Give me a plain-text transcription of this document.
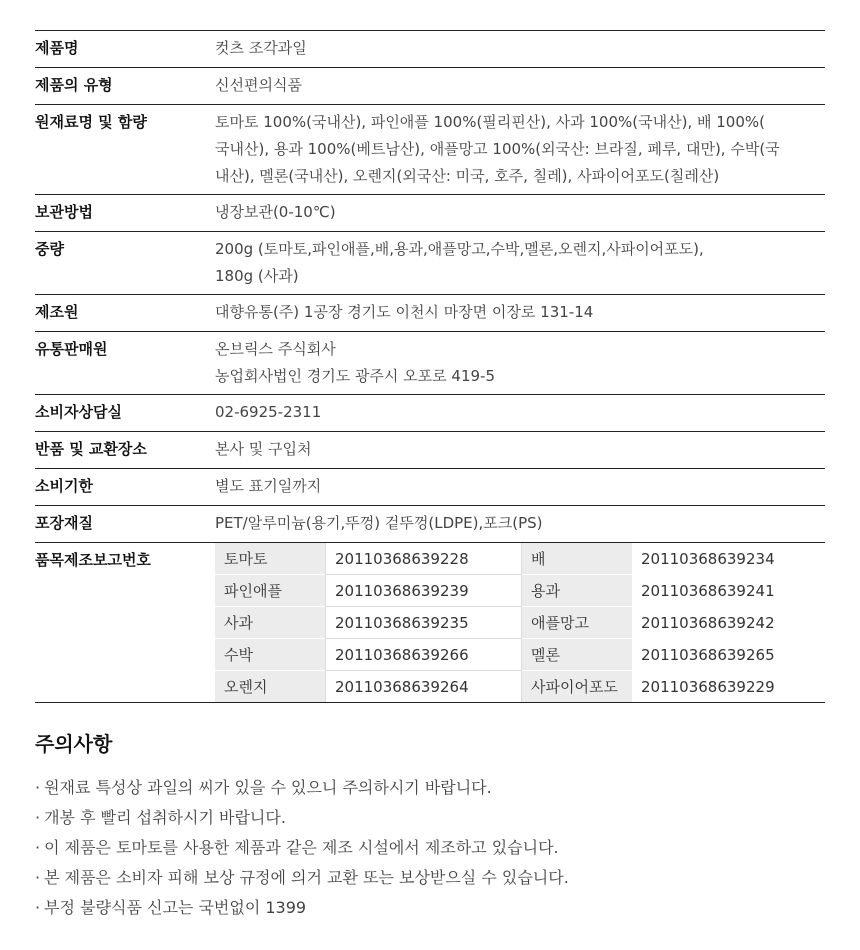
제품명	컷츠 조각과일
제품의 유형	신선편의식품
원재료명 및 함량	토마토 100%(국내산), 파인애플 100%(필리핀산), 사과 100%(국내산), 배 100%(
국내산), 용과 100%(베트남산), 애플망고 100%(외국산: 브라질, 페루, 대만), 수박(국
내산), 멜론(국내산), 오렌지(외국산: 미국, 호주, 칠레), 사파이어포도(칠레산)

보관방법	냉장보관(0-10℃)
중량	200g (토마토,파인애플,배,용과,애플망고,수박,멜론,오렌지,사파이어포도),
180g (사과)

제조원	대향유통(주) 1공장 경기도 이천시 마장면 이장로 131-14
유통판매원	온브릭스 주식회사
농업회사법인 경기도 광주시 오포로 419-5

소비자상담실	02-6925-2311
반품 및 교환장소	본사 및 구입처
소비기한	별도 표기일까지
포장재질	PET/알루미늄(용기,뚜껑) 겉뚜껑(LDPE),포크(PS)
품목제조보고번호		토마토	20110368639228	배	20110368639234
파인애플	20110368639239	용과	20110368639241
사과	20110368639235	애플망고	20110368639242
수박	20110368639266	멜론	20110368639265
오렌지	20110368639264	사파이어포도	20110368639229
주의사항
· 원재료 특성상 과일의 씨가 있을 수 있으니 주의하시기 바랍니다.
· 개봉 후 빨리 섭취하시기 바랍니다.
· 이 제품은 토마토를 사용한 제품과 같은 제조 시설에서 제조하고 있습니다.
· 본 제품은 소비자 피해 보상 규정에 의거 교환 또는 보상받으실 수 있습니다.
· 부정 불량식품 신고는 국번없이 1399
